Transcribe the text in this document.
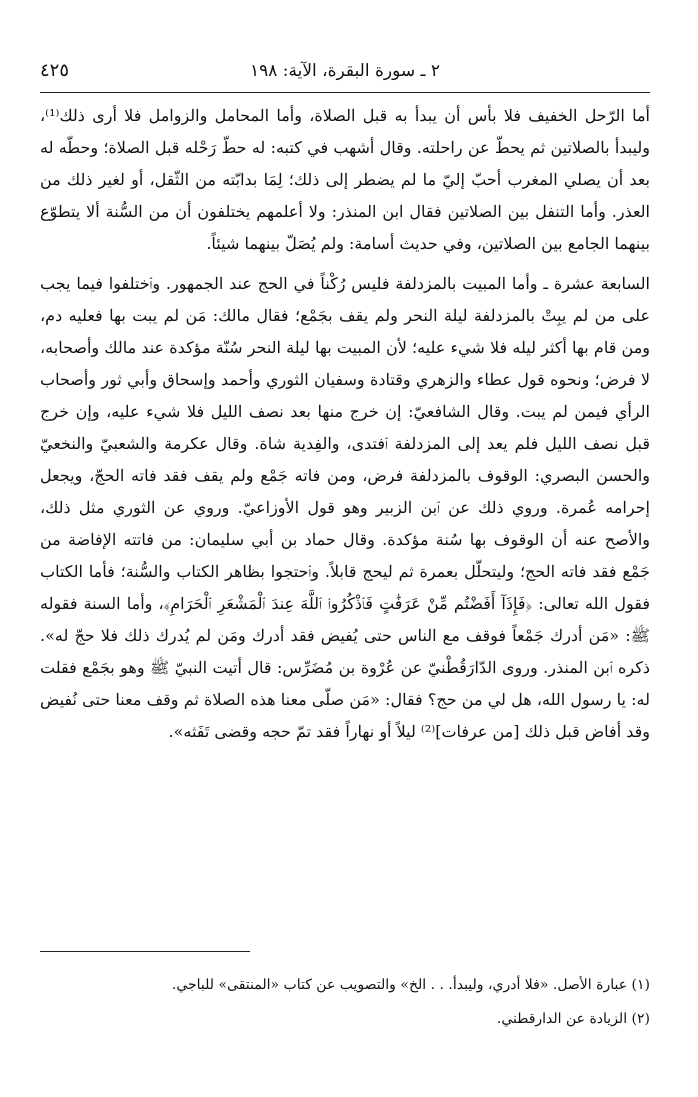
٢ ـ سورة البقرة، الآية: ١٩٨
٤٢٥

أما الرّحل الخفيف فلا بأس أن يبدأ به قبل الصلاة، وأما المحامل والزوامل فلا أرى ذلك⁽¹⁾، وليبدأ بالصلاتين ثم يحطّ عن راحلته. وقال أشهب في كتبه: له حطّ رَحْله قبل الصلاة؛ وحطّه له بعد أن يصلي المغرب أحبّ إليّ ما لم يضطر إلى ذلك؛ لِمَا بدابّته من الثّقل، أو لغير ذلك من العذر. وأما التنفل بين الصلاتين فقال ابن المنذر: ولا أعلمهم يختلفون أن من السُّنة ألا يتطوّع بينهما الجامع بين الصلاتين، وفي حديث أسامة: ولم يُصَلّ بينهما شيئاً.

السابعة عشرة ـ وأما المبيت بالمزدلفة فليس رُكْناً في الحج عند الجمهور. وٱختلفوا فيما يجب على من لم يبِتْ بالمزدلفة ليلة النحر ولم يقف بجَمْع؛ فقال مالك: مَن لم يبت بها فعليه دم، ومن قام بها أكثر ليله فلا شيء عليه؛ لأن المبيت بها ليلة النحر سُنّة مؤكدة عند مالك وأصحابه، لا فرض؛ ونحوه قول عطاء والزهري وقتادة وسفيان الثوري وأحمد وإسحاق وأبي ثور وأصحاب الرأي فيمن لم يبت. وقال الشافعيّ: إن خرج منها بعد نصف الليل فلا شيء عليه، وإن خرج قبل نصف الليل فلم يعد إلى المزدلفة ٱفتدى، والفِدية شاة. وقال عكرمة والشعبيّ والنخعيّ والحسن البصري: الوقوف بالمزدلفة فرض، ومن فاته جَمْع ولم يقف فقد فاته الحجّ، ويجعل إحرامه عُمرة. وروي ذلك عن ٱبن الزبير وهو قول الأوزاعيّ. وروي عن الثوري مثل ذلك، والأصح عنه أن الوقوف بها سُنة مؤكدة. وقال حماد بن أبي سليمان: من فاتته الإفاضة من جَمْع فقد فاته الحج؛ وليتحلّل بعمرة ثم ليحج قابلاً. وٱحتجوا بظاهر الكتاب والسُّنة؛ فأما الكتاب فقول الله تعالى: ﴿فَإِذَآ أَفَضْتُم مِّنْ عَرَفَٰتٍ فَٱذْكُرُوا۟ ٱللَّهَ عِندَ ٱلْمَشْعَرِ ٱلْحَرَامِ﴾، وأما السنة فقوله ﷺ: «مَن أدرك جَمْعاً فوقف مع الناس حتى يُفيض فقد أدرك ومَن لم يُدرك ذلك فلا حجّ له». ذكره ٱبن المنذر. وروى الدّارَقُطْنيّ عن عُرْوة بن مُضَرِّس: قال أتيت النبيّ ﷺ وهو بجَمْع فقلت له: يا رسول الله، هل لي من حج؟ فقال: «مَن صلّى معنا هذه الصلاة ثم وقف معنا حتى نُفيض وقد أفاض قبل ذلك [من عرفات]⁽²⁾ ليلاً أو نهاراً فقد تمّ حجه وقضى تَفَثه».

(١) عبارة الأصل. «فلا أدري، وليبدأ. . . الخ» والتصويب عن كتاب «المنتقى» للباجي.
(٢) الزيادة عن الدارقطني.
